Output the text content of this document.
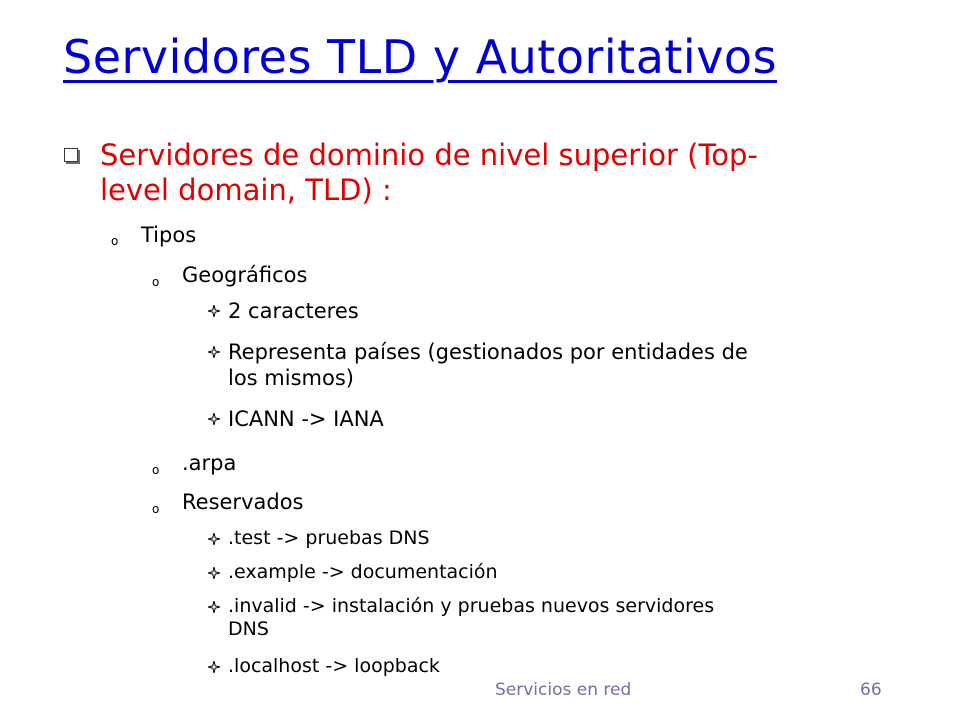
Servidores TLD y Autoritativos
Servidores de dominio de nivel superior (Top-
level domain, TLD) :
o Tipos
o Geográficos
2 caracteres
Representa países (gestionados por entidades de
los mismos)
ICANN -> IANA
o .arpa
o Reservados
.test -> pruebas DNS
.example -> documentación
.invalid -> instalación y pruebas nuevos servidores
DNS
.localhost -> loopback
Servicios en red	66
